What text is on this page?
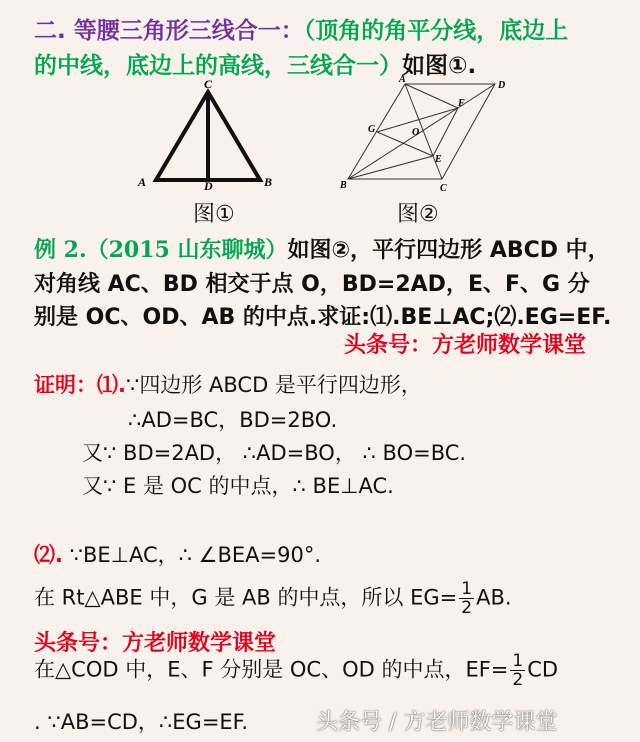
二. 等腰三角形三线合一：（顶角的角平分线，底边上
的中线，底边上的高线，三线合一）如图①.
C
A	D	B
图①
A
D
F
G	O
E
B	C
图②
例 2.（2015 山东聊城）如图②，平行四边形 ABCD 中，
对角线 AC、BD 相交于点 O，BD=2AD，E、F、G 分
别是 OC、OD、AB 的中点.求证:⑴.BE⊥AC;⑵.EG=EF.
头条号：方老师数学课堂
证明：⑴.∵四边形 ABCD 是平行四边形，
∴AD=BC，BD=2BO.
又∵ BD=2AD， ∴AD=BO， ∴ BO=BC.
又∵ E 是 OC 的中点，∴ BE⊥AC.
⑵. ∵BE⊥AC，∴ ∠BEA=90°.
在 Rt△ABE 中，G 是 AB 的中点，所以 $EG= \frac{1}{2}$ AB.
头条号：方老师数学课堂
在△COD 中，E、F 分别是 OC、OD 的中点，$EF= \frac{1}{2}$ CD
. ∵AB=CD，∴EG=EF.	头条号 / 方老师数学课堂
